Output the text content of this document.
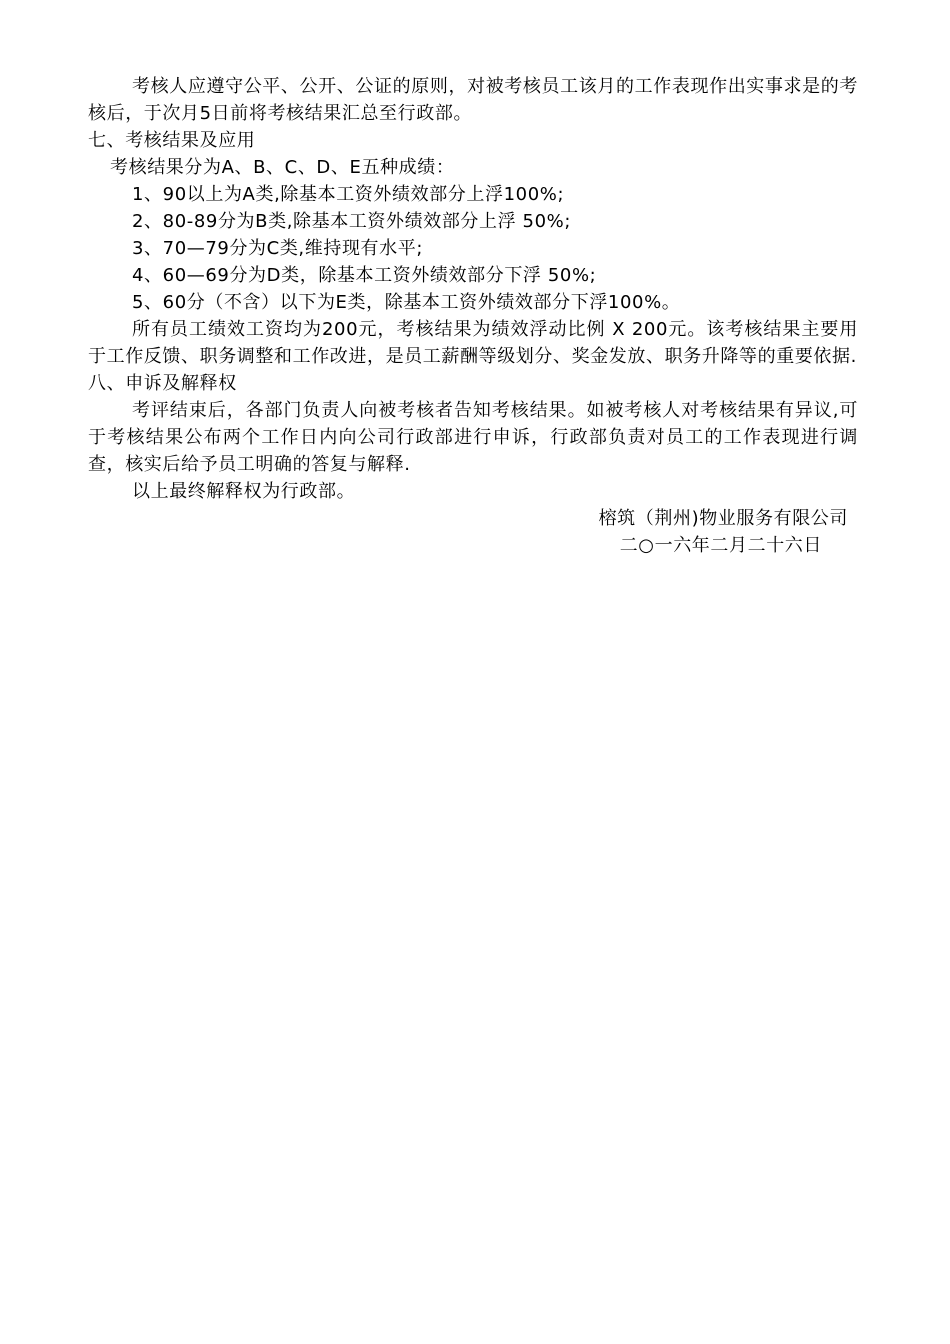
考核人应遵守公平、公开、公证的原则，对被考核员工该月的工作表现作出实事求是的考核后，于次月5日前将考核结果汇总至行政部。

七、考核结果及应用

考核结果分为A、B、C、D、E五种成绩：

1、90以上为A类,除基本工资外绩效部分上浮100%;

2、80-89分为B类,除基本工资外绩效部分上浮 50%;

3、70—79分为C类,维持现有水平;

4、60—69分为D类，除基本工资外绩效部分下浮 50%;

5、60分（不含）以下为E类，除基本工资外绩效部分下浮100%。

所有员工绩效工资均为200元，考核结果为绩效浮动比例 X 200元。该考核结果主要用于工作反馈、职务调整和工作改进，是员工薪酬等级划分、奖金发放、职务升降等的重要依据.

八、申诉及解释权

考评结束后，各部门负责人向被考核者告知考核结果。如被考核人对考核结果有异议,可于考核结果公布两个工作日内向公司行政部进行申诉，行政部负责对员工的工作表现进行调查，核实后给予员工明确的答复与解释.

以上最终解释权为行政部。

榕筑（荆州)物业服务有限公司

二○一六年二月二十六日
